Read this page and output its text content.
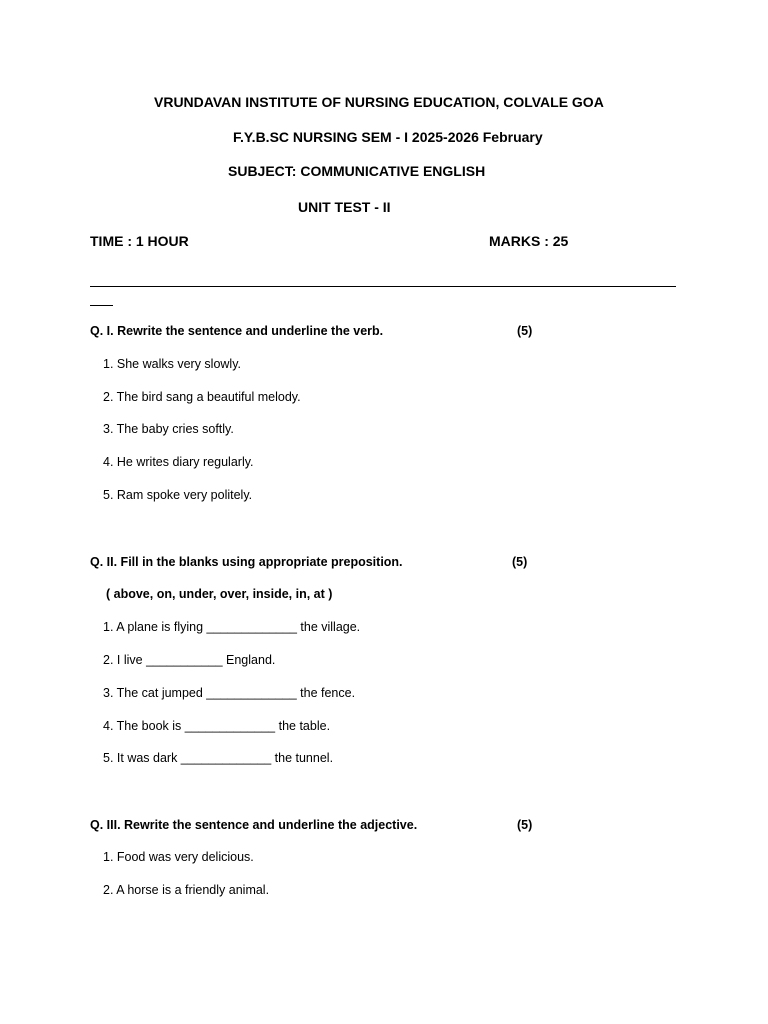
VRUNDAVAN INSTITUTE OF NURSING EDUCATION, COLVALE GOA
F.Y.B.SC NURSING SEM - I 2025-2026 February
SUBJECT: COMMUNICATIVE ENGLISH
UNIT TEST - II
TIME : 1 HOUR	MARKS : 25
Q. I. Rewrite the sentence and underline the verb.	(5)
1. She walks very slowly.
2. The bird sang a beautiful melody.
3. The baby cries softly.
4. He writes diary regularly.
5. Ram spoke very politely.
Q. II. Fill in the blanks using appropriate preposition.	(5)
( above, on, under, over, inside, in, at )
1. A plane is flying _____________ the village.
2. I live ___________ England.
3. The cat jumped _____________ the fence.
4. The book is _____________ the table.
5. It was dark _____________ the tunnel.
Q. III. Rewrite the sentence and underline the adjective.	(5)
1. Food was very delicious.
2. A horse is a friendly animal.
